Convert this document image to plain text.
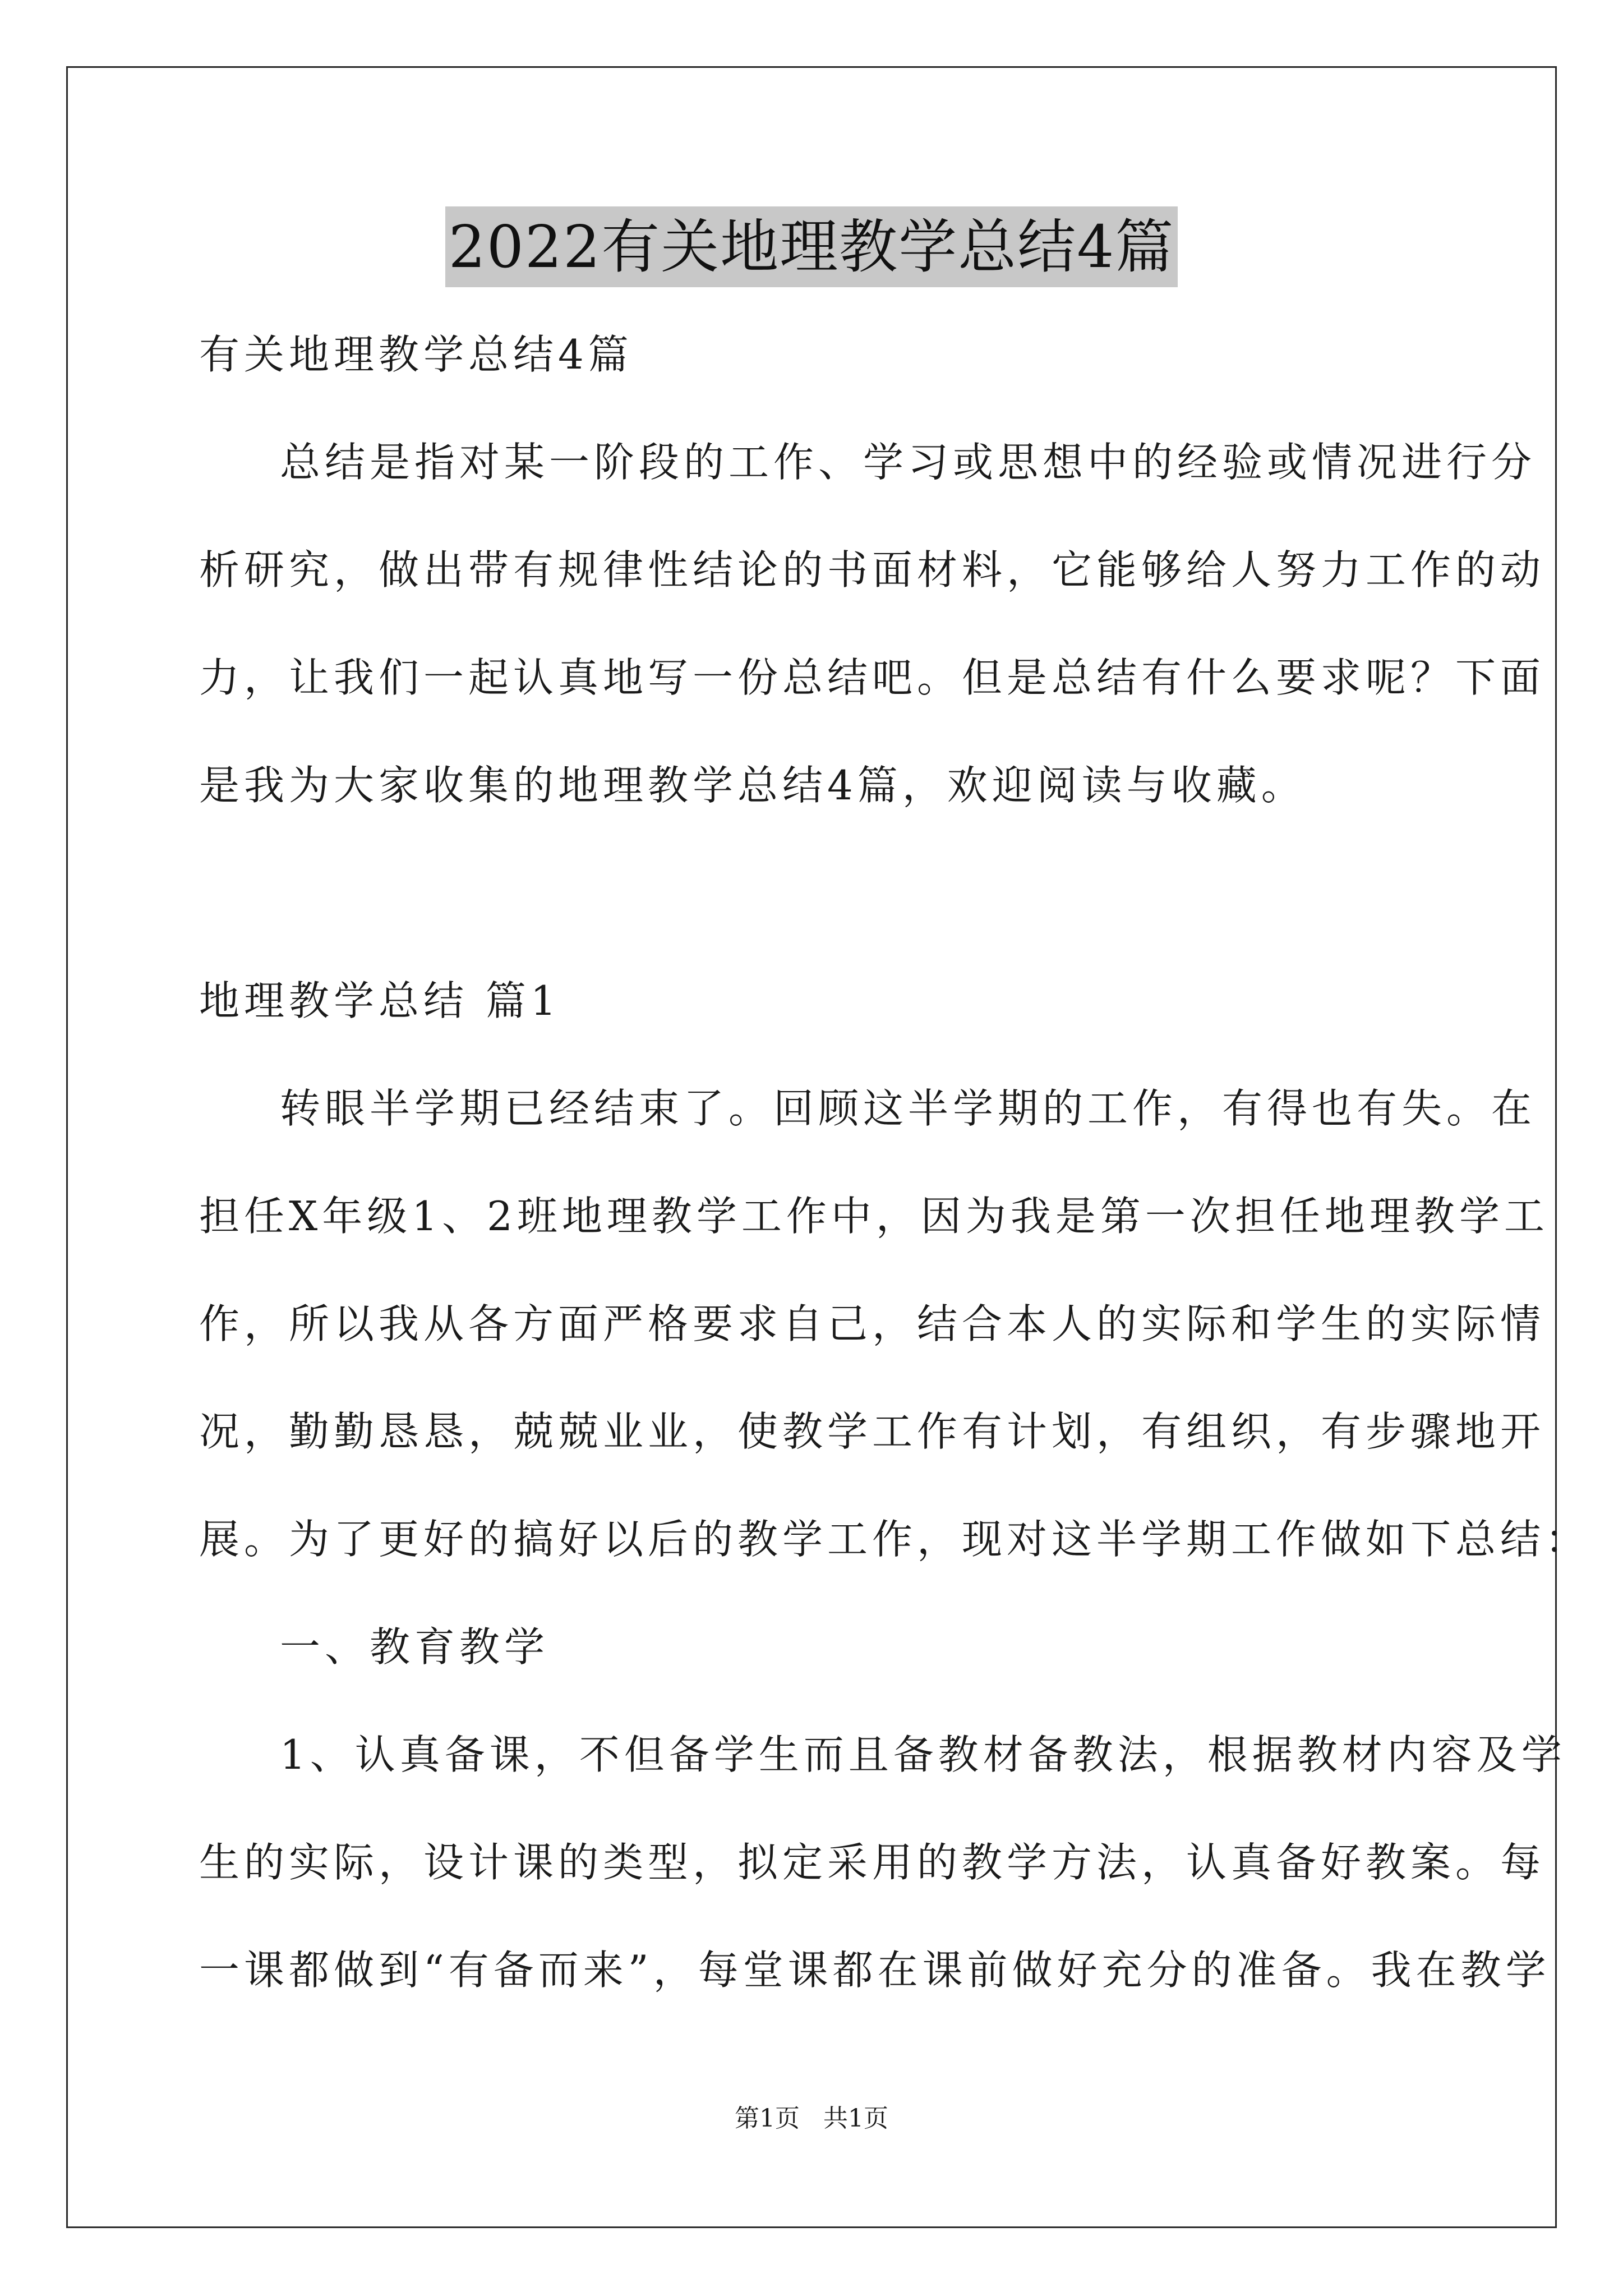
2022有关地理教学总结4篇
有关地理教学总结4篇
总结是指对某一阶段的工作、学习或思想中的经验或情况进行分
析研究，做出带有规律性结论的书面材料，它能够给人努力工作的动
力，让我们一起认真地写一份总结吧。但是总结有什么要求呢？下面
是我为大家收集的地理教学总结4篇，欢迎阅读与收藏。
地理教学总结 篇1
转眼半学期已经结束了。回顾这半学期的工作，有得也有失。在
担任X年级1、2班地理教学工作中，因为我是第一次担任地理教学工
作，所以我从各方面严格要求自己，结合本人的实际和学生的实际情
况，勤勤恳恳，兢兢业业，使教学工作有计划，有组织，有步骤地开
展。为了更好的搞好以后的教学工作，现对这半学期工作做如下总结：
一、教育教学
1、认真备课，不但备学生而且备教材备教法，根据教材内容及学
生的实际，设计课的类型，拟定采用的教学方法，认真备好教案。每
一课都做到“有备而来”，每堂课都在课前做好充分的准备。我在教学
第1页   共1页
